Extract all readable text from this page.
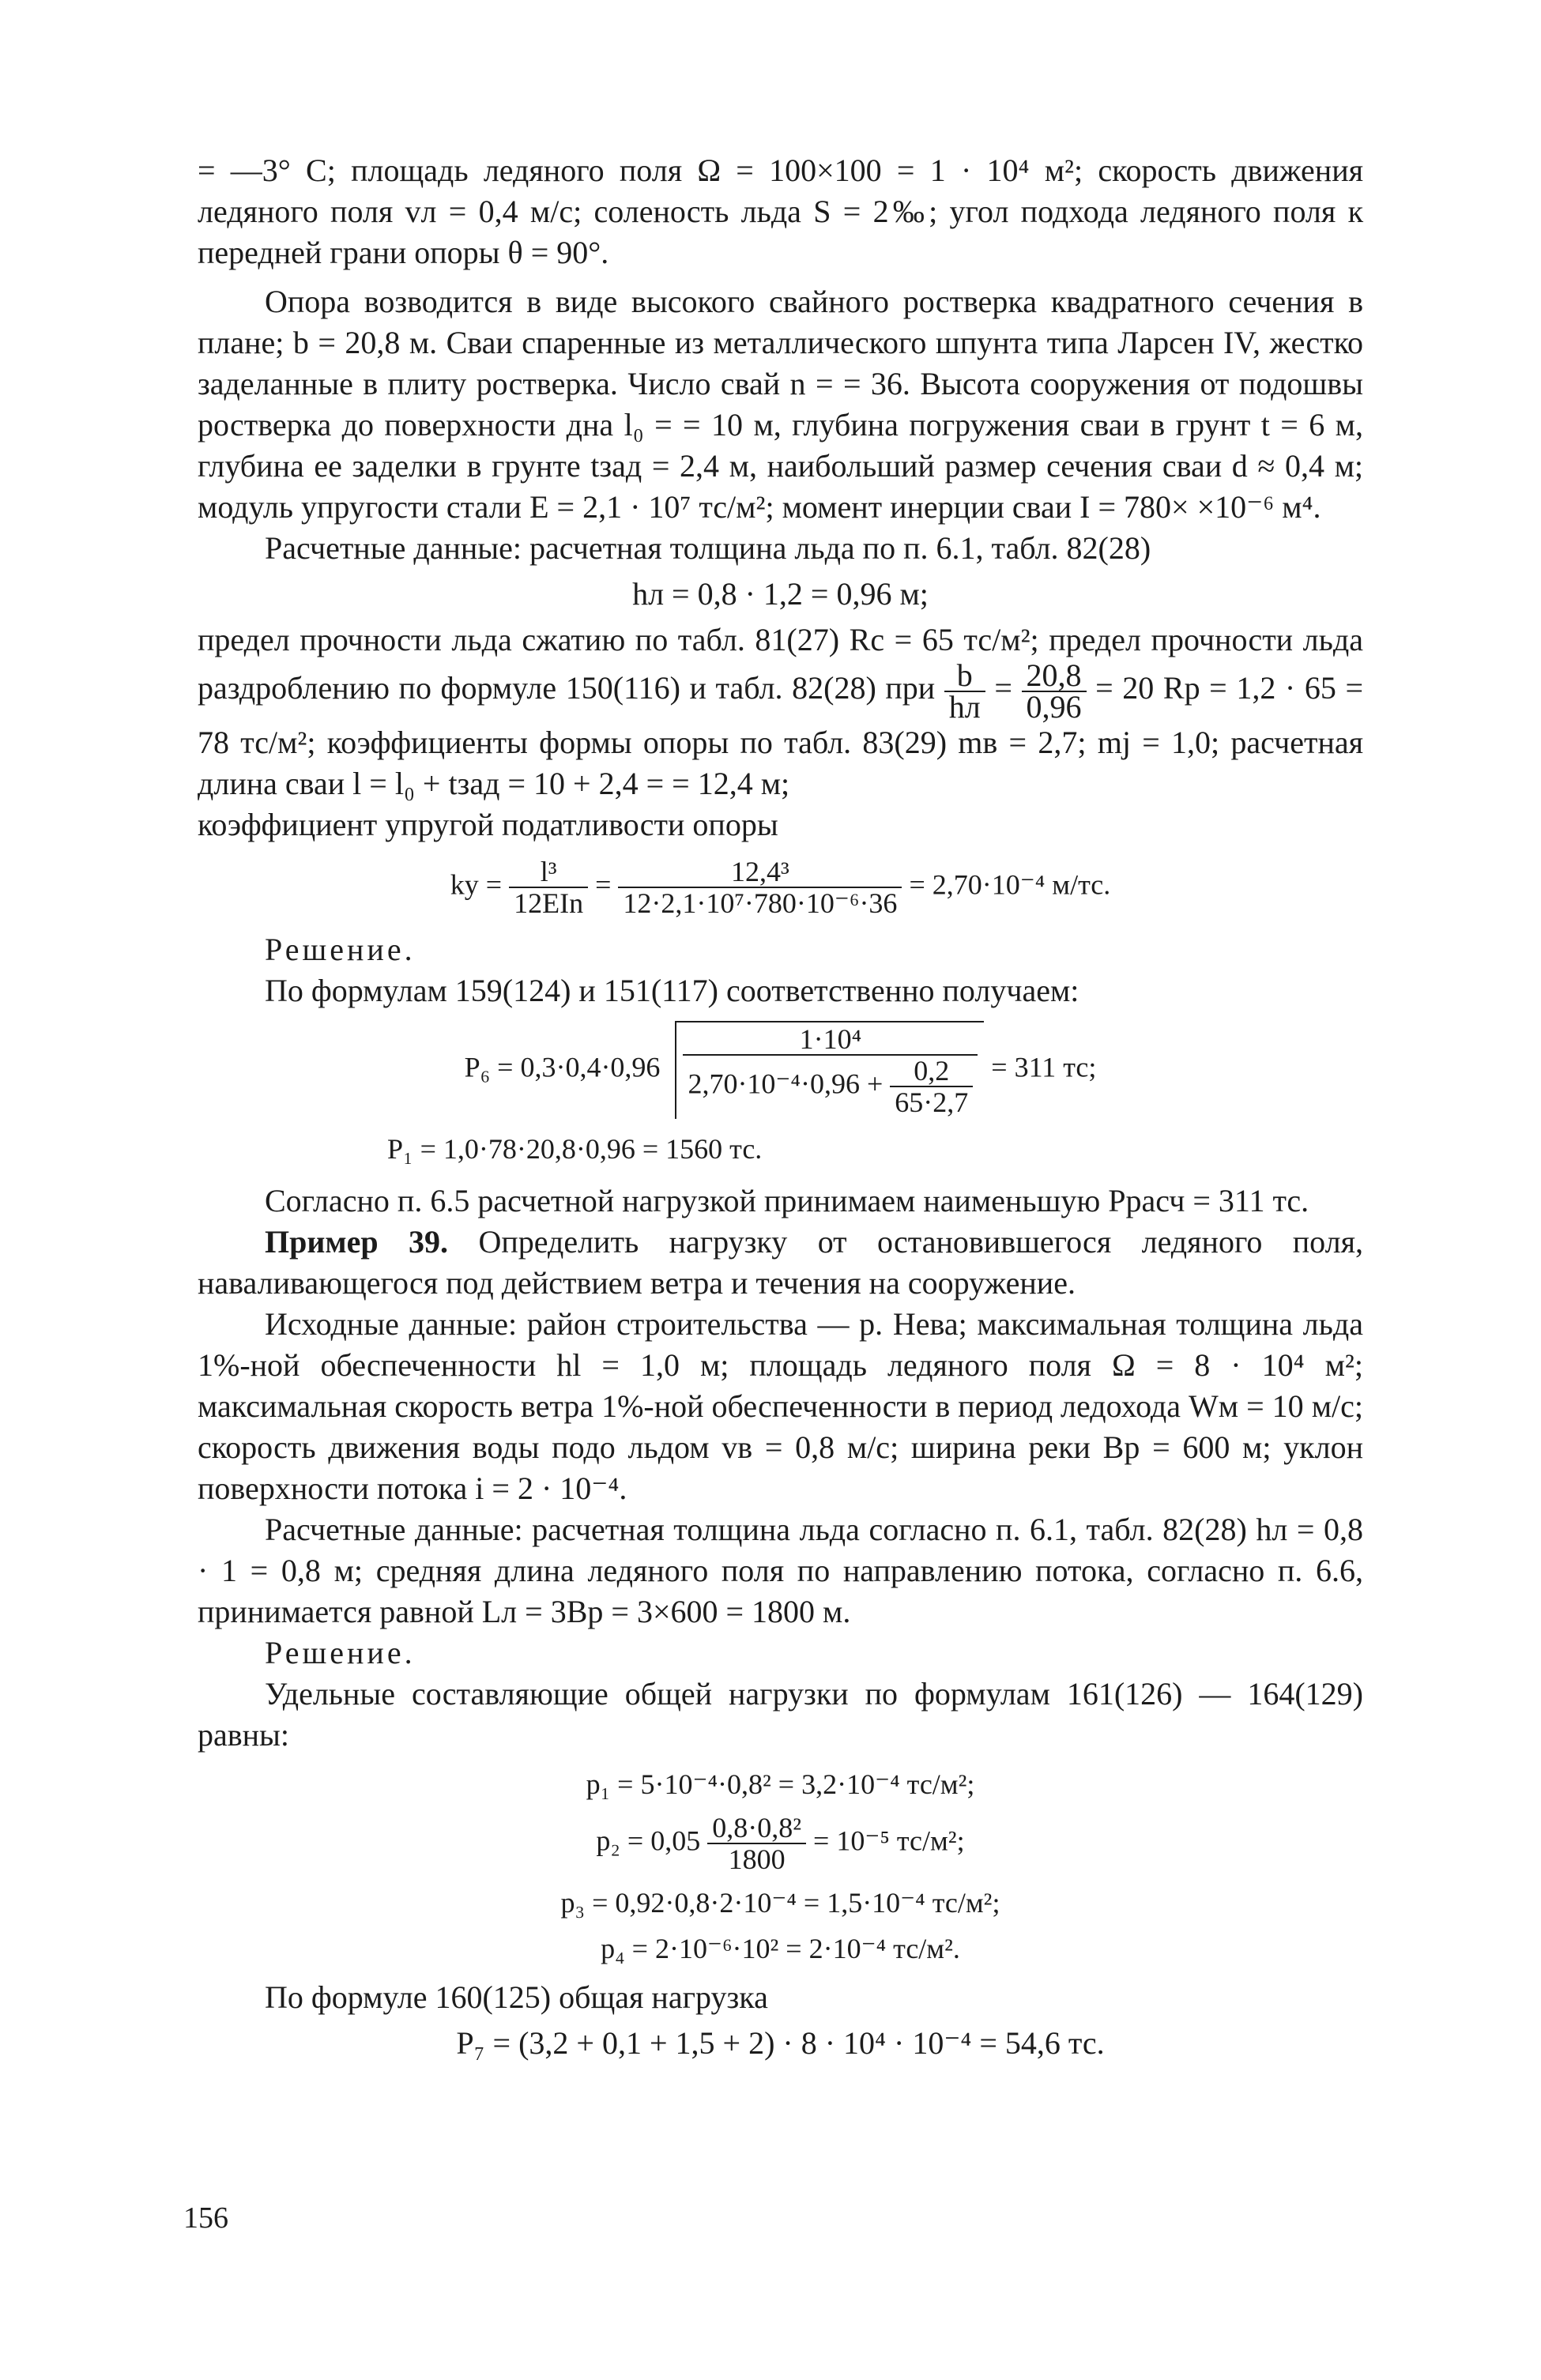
= —3° С; площадь ледяного поля Ω = 100×100 = 1 · 10⁴ м²; скорость движения ледяного поля vл = 0,4 м/с; соленость льда S = 2‰; угол подхода ледяного поля к передней грани опоры θ = 90°.

Опора возводится в виде высокого свайного ростверка квадратного сечения в плане; b = 20,8 м. Сваи спаренные из металлического шпунта типа Ларсен IV, жестко заделанные в плиту ростверка. Число свай n = = 36. Высота сооружения от подошвы ростверка до поверхности дна l₀ = = 10 м, глубина погружения сваи в грунт t = 6 м, глубина ее заделки в грунте tзад = 2,4 м, наибольший размер сечения сваи d ≈ 0,4 м; модуль упругости стали E = 2,1 · 10⁷ тс/м²; момент инерции сваи I = 780× ×10⁻⁶ м⁴.

Расчетные данные: расчетная толщина льда по п. 6.1, табл. 82(28)

hл = 0,8 · 1,2 = 0,96 м;

предел прочности льда сжатию по табл. 81(27) Rс = 65 тс/м²; предел прочности льда раздроблению по формуле 150(116) и табл. 82(28) при $\frac{b}{hл} = \frac{20,8}{0,96} = 20$ Rр = 1,2 · 65 = 78 тс/м²; коэффициенты формы опоры по табл. 83(29) mв = 2,7; mj = 1,0; расчетная длина сваи l = l₀ + tзад = 10 + 2,4 = = 12,4 м;

коэффициент упругой податливости опоры

ky = $\frac{\text{l³}}{\text{12EIn}} = \frac{\text{12,4³}}{\text{12·2,1·10⁷·780·10⁻⁶·36}} = 2,70\cdot 10^{-4}$ м/тс.

Решение.

По формулам 159(124) и 151(117) соответственно получаем:

$P_6 = 0,3\cdot 0,4\cdot 0,96 \frac{\text{1·10⁴}}{2,70\cdot 10^{-4}\cdot 0,96 + \frac{0,2}{65\cdot 2,7}} = 311$ тс;
P₁ = 1,0·78·20,8·0,96 = 1560 тс.

Согласно п. 6.5 расчетной нагрузкой принимаем наименьшую Pрасч = 311 тс.

Пример 39. Определить нагрузку от остановившегося ледяного поля, наваливающегося под действием ветра и течения на сооружение.

Исходные данные: район строительства — р. Нева; максимальная толщина льда 1%-ной обеспеченности hl = 1,0 м; площадь ледяного поля Ω = 8 · 10⁴ м²; максимальная скорость ветра 1%-ной обеспеченности в период ледохода Wм = 10 м/с; скорость движения воды подо льдом vв = 0,8 м/с; ширина реки Bр = 600 м; уклон поверхности потока i = 2 · 10⁻⁴.

Расчетные данные: расчетная толщина льда согласно п. 6.1, табл. 82(28) hл = 0,8 · 1 = 0,8 м; средняя длина ледяного поля по направлению потока, согласно п. 6.6, принимается равной Lл = 3Bр = 3×600 = 1800 м.

Решение.

Удельные составляющие общей нагрузки по формулам 161(126) — 164(129) равны:

p₁ = 5·10⁻⁴·0,8² = 3,2·10⁻⁴ тс/м²;
$p_2 = 0,05 \frac{\text{0,8·0,8²}}{1800} = 10^{-5}$ тс/м²;
p₃ = 0,92·0,8·2·10⁻⁴ = 1,5·10⁻⁴ тс/м²;
p₄ = 2·10⁻⁶·10² = 2·10⁻⁴ тс/м².

По формуле 160(125) общая нагрузка

P₇ = (3,2 + 0,1 + 1,5 + 2) · 8 · 10⁴ · 10⁻⁴ = 54,6 тс.
156
